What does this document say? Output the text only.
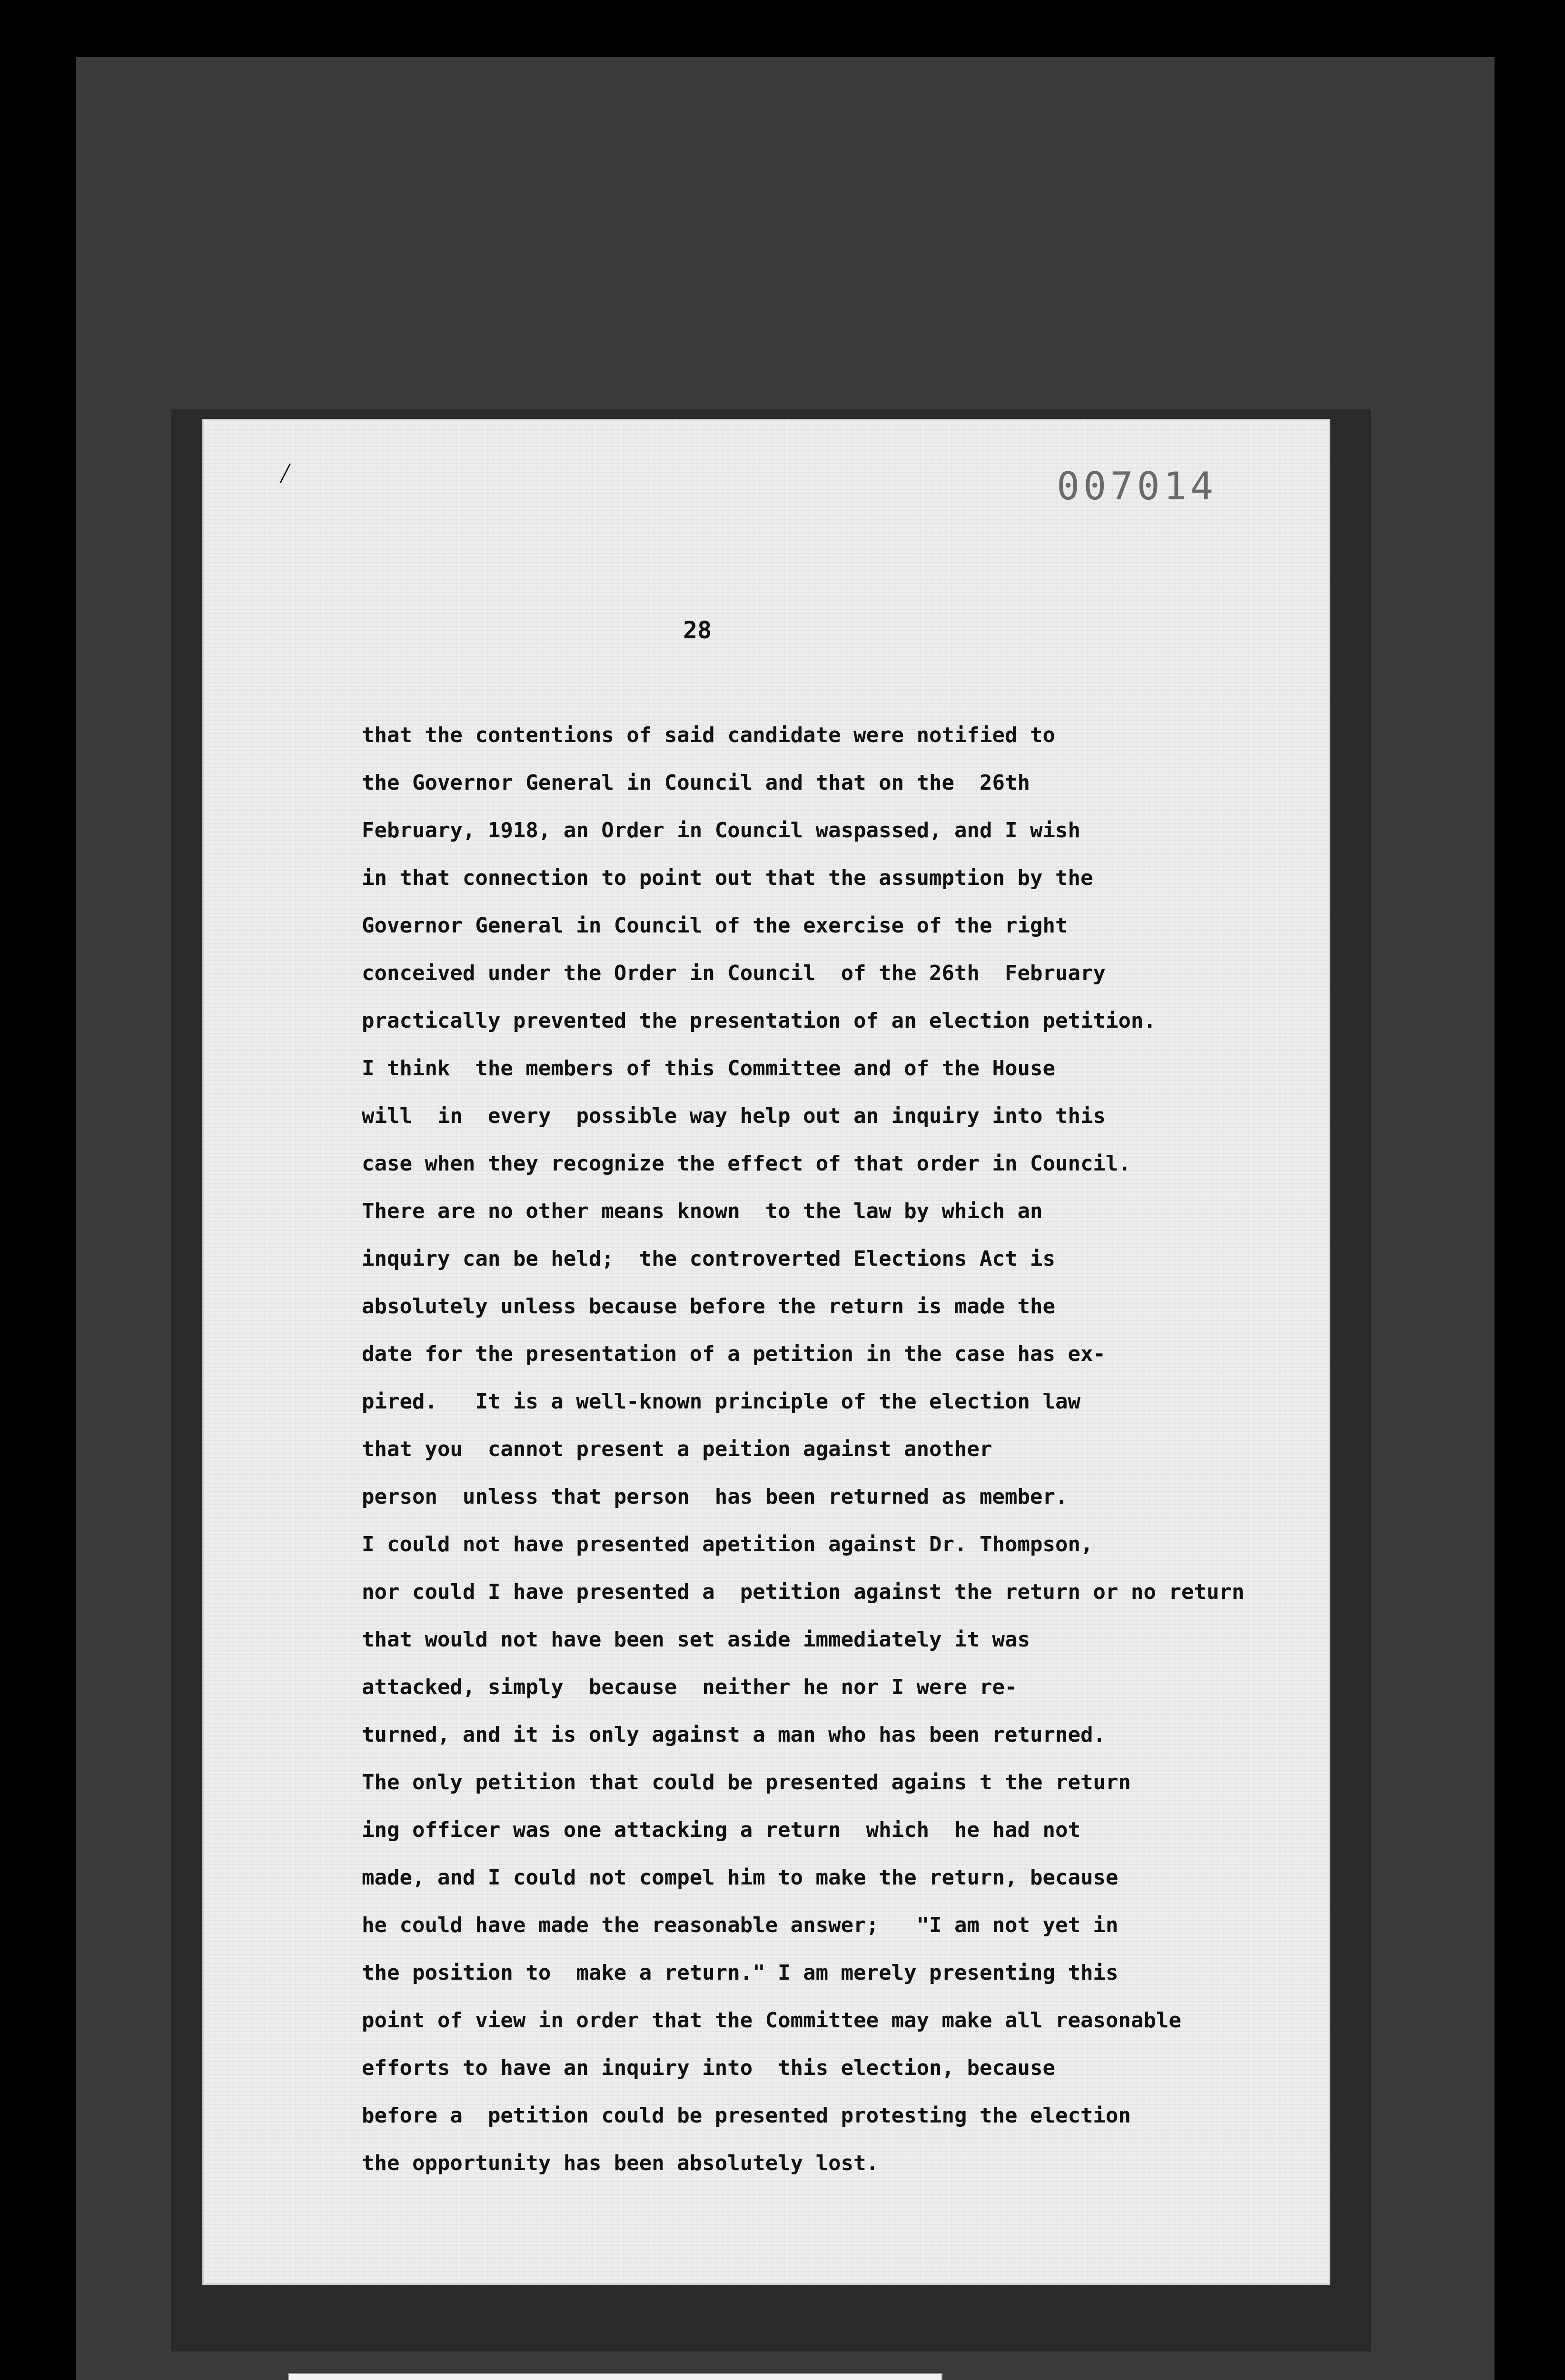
/	007014
28
that the contentions of said candidate were notified to
the Governor General in Council and that on the  26th
February, 1918, an Order in Council waspassed, and I wish
in that connection to point out that the assumption by the
Governor General in Council of the exercise of the right
conceived under the Order in Council  of the 26th  February
practically prevented the presentation of an election petition.
I think  the members of this Committee and of the House
will  in  every  possible way help out an inquiry into this
case when they recognize the effect of that order in Council.
There are no other means known  to the law by which an
inquiry can be held;  the controverted Elections Act is
absolutely unless because before the return is made the
date for the presentation of a petition in the case has ex-
pired.   It is a well-known principle of the election law
that you  cannot present a peition against another
person  unless that person  has been returned as member.
I could not have presented apetition against Dr. Thompson,
nor could I have presented a  petition against the return or no return
that would not have been set aside immediately it was
attacked, simply  because  neither he nor I were re-
turned, and it is only against a man who has been returned.
The only petition that could be presented agains t the return
ing officer was one attacking a return  which  he had not
made, and I could not compel him to make the return, because
he could have made the reasonable answer;   "I am not yet in
the position to  make a return." I am merely presenting this
point of view in order that the Committee may make all reasonable
efforts to have an inquiry into  this election, because
before a  petition could be presented protesting the election
the opportunity has been absolutely lost.
